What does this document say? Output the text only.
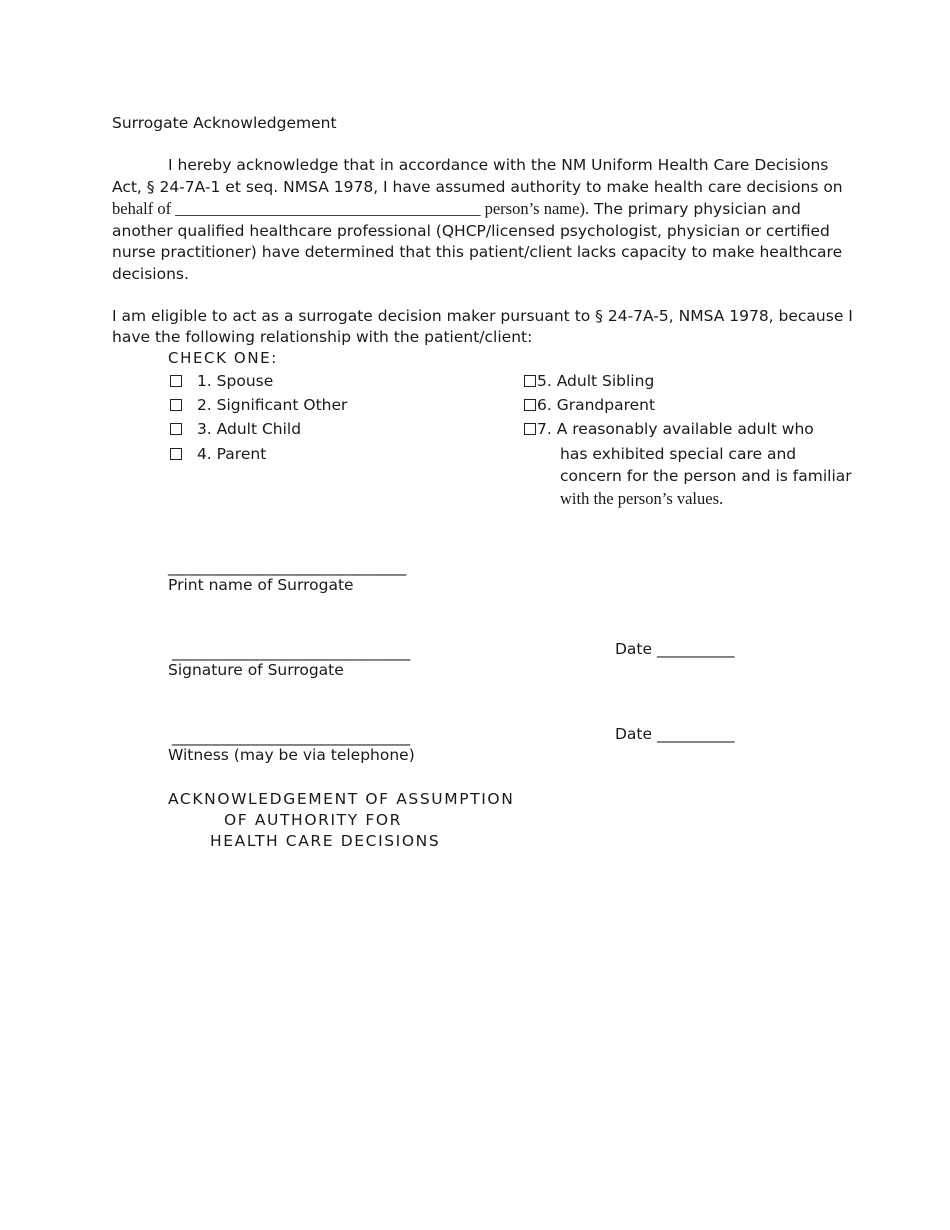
Surrogate Acknowledgement
I hereby acknowledge that in accordance with the NM Uniform Health Care Decisions
Act, § 24-7A-1 et seq. NMSA 1978, I have assumed authority to make health care decisions on
behalf of _____________________________________ person’s name). The primary physician and
another qualified healthcare professional (QHCP/licensed psychologist, physician or certified
nurse practitioner) have determined that this patient/client lacks capacity to make healthcare
decisions.
I am eligible to act as a surrogate decision maker pursuant to § 24-7A-5, NMSA 1978, because I
have the following relationship with the patient/client:
CHECK ONE:
1. Spouse
2. Significant Other
3. Adult Child
4. Parent
5. Adult Sibling
6. Grandparent
7. A reasonably available adult who
has exhibited special care and
concern for the person and is familiar
with the person’s values.
______________________________
Print name of Surrogate
______________________________	Date __________
Signature of Surrogate
______________________________	Date __________
Witness (may be via telephone)
ACKNOWLEDGEMENT OF ASSUMPTION
OF AUTHORITY FOR
HEALTH CARE DECISIONS
